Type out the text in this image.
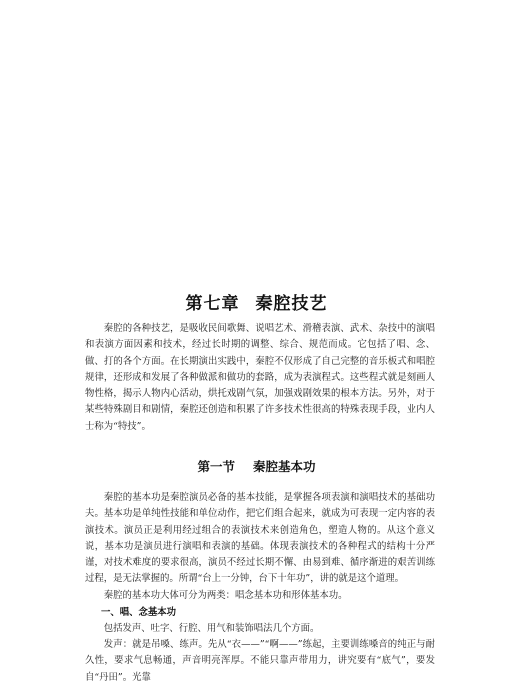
第七章 秦腔技艺

秦腔的各种技艺，是吸收民间歌舞、说唱艺术、滑稽表演、武术、杂技中的演唱和表演方面因素和技术，经过长时期的调整、综合、规范而成。它包括了唱、念、做、打的各个方面。在长期演出实践中，秦腔不仅形成了自己完整的音乐板式和唱腔规律，还形成和发展了各种做派和做功的套路，成为表演程式。这些程式就是刻画人物性格，揭示人物内心活动，烘托戏剧气氛，加强戏剧效果的根本方法。另外，对于某些特殊剧目和剧情，秦腔还创造和积累了许多技术性很高的特殊表现手段，业内人士称为“特技”。

第一节 秦腔基本功

秦腔的基本功是秦腔演员必备的基本技能，是掌握各项表演和演唱技术的基础功夫。基本功是单纯性技能和单位动作，把它们组合起来，就成为可表现一定内容的表演技术。演员正是利用经过组合的表演技术来创造角色，塑造人物的。从这个意义说，基本功是演员进行演唱和表演的基础。体现表演技术的各种程式的结构十分严谨，对技术难度的要求很高，演员不经过长期不懈、由易到难、循序渐进的艰苦训练过程，是无法掌握的。所谓“台上一分钟，台下十年功”，讲的就是这个道理。

秦腔的基本功大体可分为两类：唱念基本功和形体基本功。

一、唱、念基本功

包括发声、吐字、行腔、用气和装饰唱法几个方面。

发声：就是吊嗓、练声。先从“衣——”“啊——”练起，主要训练嗓音的纯正与耐久性，要求气息畅通，声音明亮浑厚。不能只靠声带用力，讲究要有“底气”，要发自“丹田”。光靠
